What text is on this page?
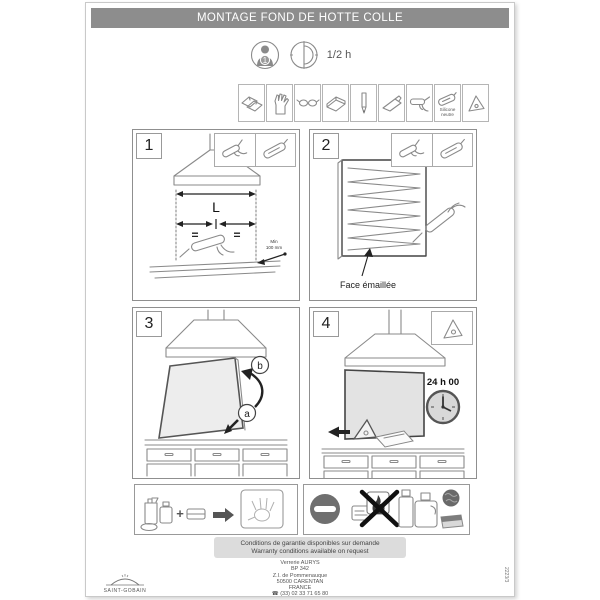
MONTAGE FOND DE HOTTE COLLE
1	1/2 h
Silicone
neutre
1
L
=	=	Min
100 mm
2
Face émaillée
3
b
a
4
24 h 00
+
Conditions de garantie disponibles sur demande
Warranty conditions available on request
Verrerie AURYS
BP 342
Z.I. de Pommenauque
50500 CARENTAN
FRANCE
☎ (33) 02 33 71 65 80
SAINT-GOBAIN
2223/3
